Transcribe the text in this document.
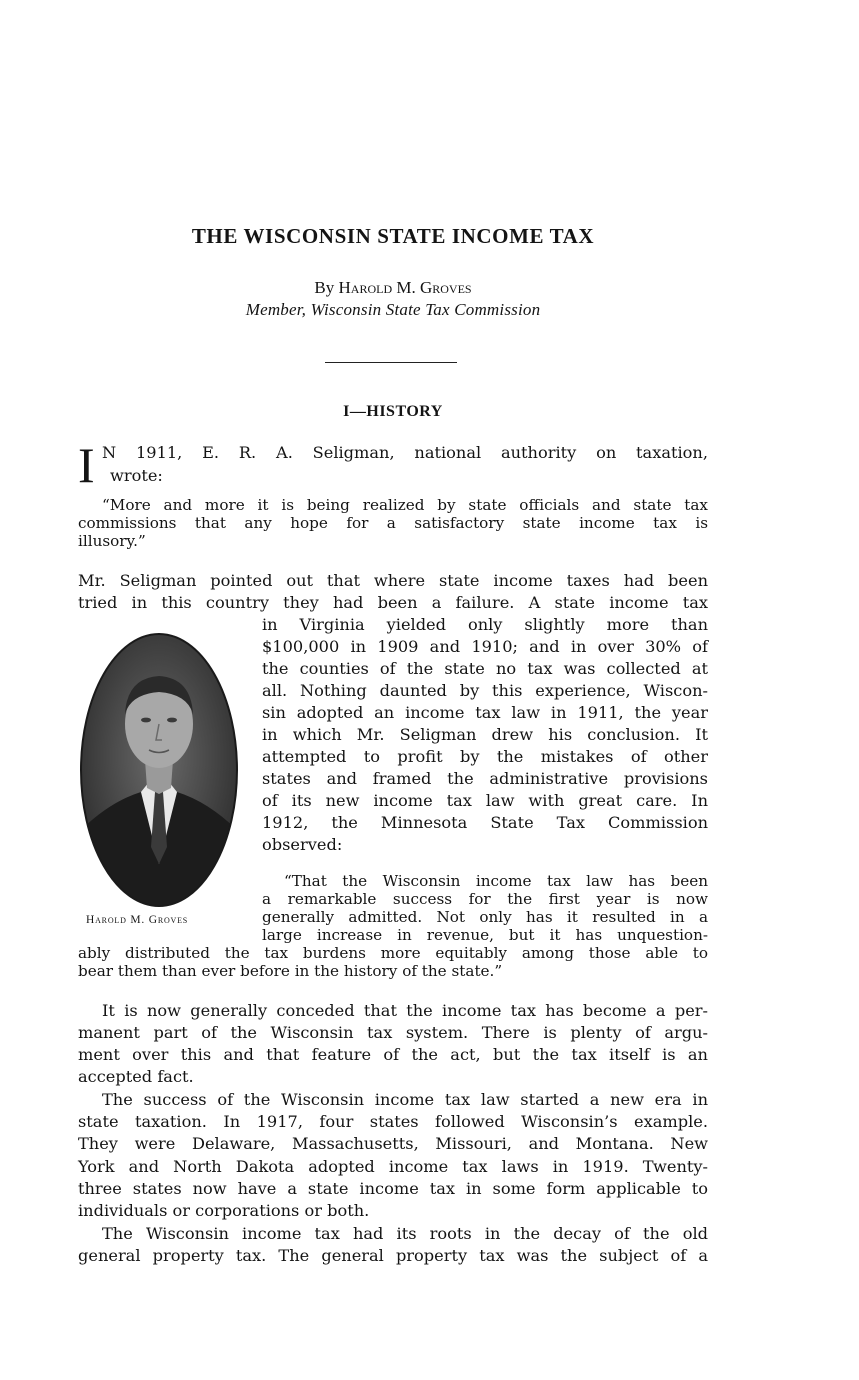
THE WISCONSIN STATE INCOME TAX
By Harold M. Groves
Member, Wisconsin State Tax Commission
I—HISTORY
I N 1911, E. R. A. Seligman, national authority on taxation,
wrote:
“More and more it is being realized by state officials and state tax
commissions that any hope for a satisfactory state income tax is
illusory.”
Mr. Seligman pointed out that where state income taxes had been
tried in this country they had been a failure. A state income tax
Harold M. Groves
in Virginia yielded only slightly more than
$100,000 in 1909 and 1910; and in over 30% of
the counties of the state no tax was collected at
all. Nothing daunted by this experience, Wiscon-
sin adopted an income tax law in 1911, the year
in which Mr. Seligman drew his conclusion. It
attempted to profit by the mistakes of other
states and framed the administrative provisions
of its new income tax law with great care. In
1912, the Minnesota State Tax Commission
observed:
“That the Wisconsin income tax law has been
a remarkable success for the first year is now
generally admitted. Not only has it resulted in a
large increase in revenue, but it has unquestion-
ably distributed the tax burdens more equitably among those able to
bear them than ever before in the history of the state.”
It is now generally conceded that the income tax has become a per-
manent part of the Wisconsin tax system. There is plenty of argu-
ment over this and that feature of the act, but the tax itself is an
accepted fact.
The success of the Wisconsin income tax law started a new era in
state taxation. In 1917, four states followed Wisconsin’s example.
They were Delaware, Massachusetts, Missouri, and Montana. New
York and North Dakota adopted income tax laws in 1919. Twenty-
three states now have a state income tax in some form applicable to
individuals or corporations or both.
The Wisconsin income tax had its roots in the decay of the old
general property tax. The general property tax was the subject of a
